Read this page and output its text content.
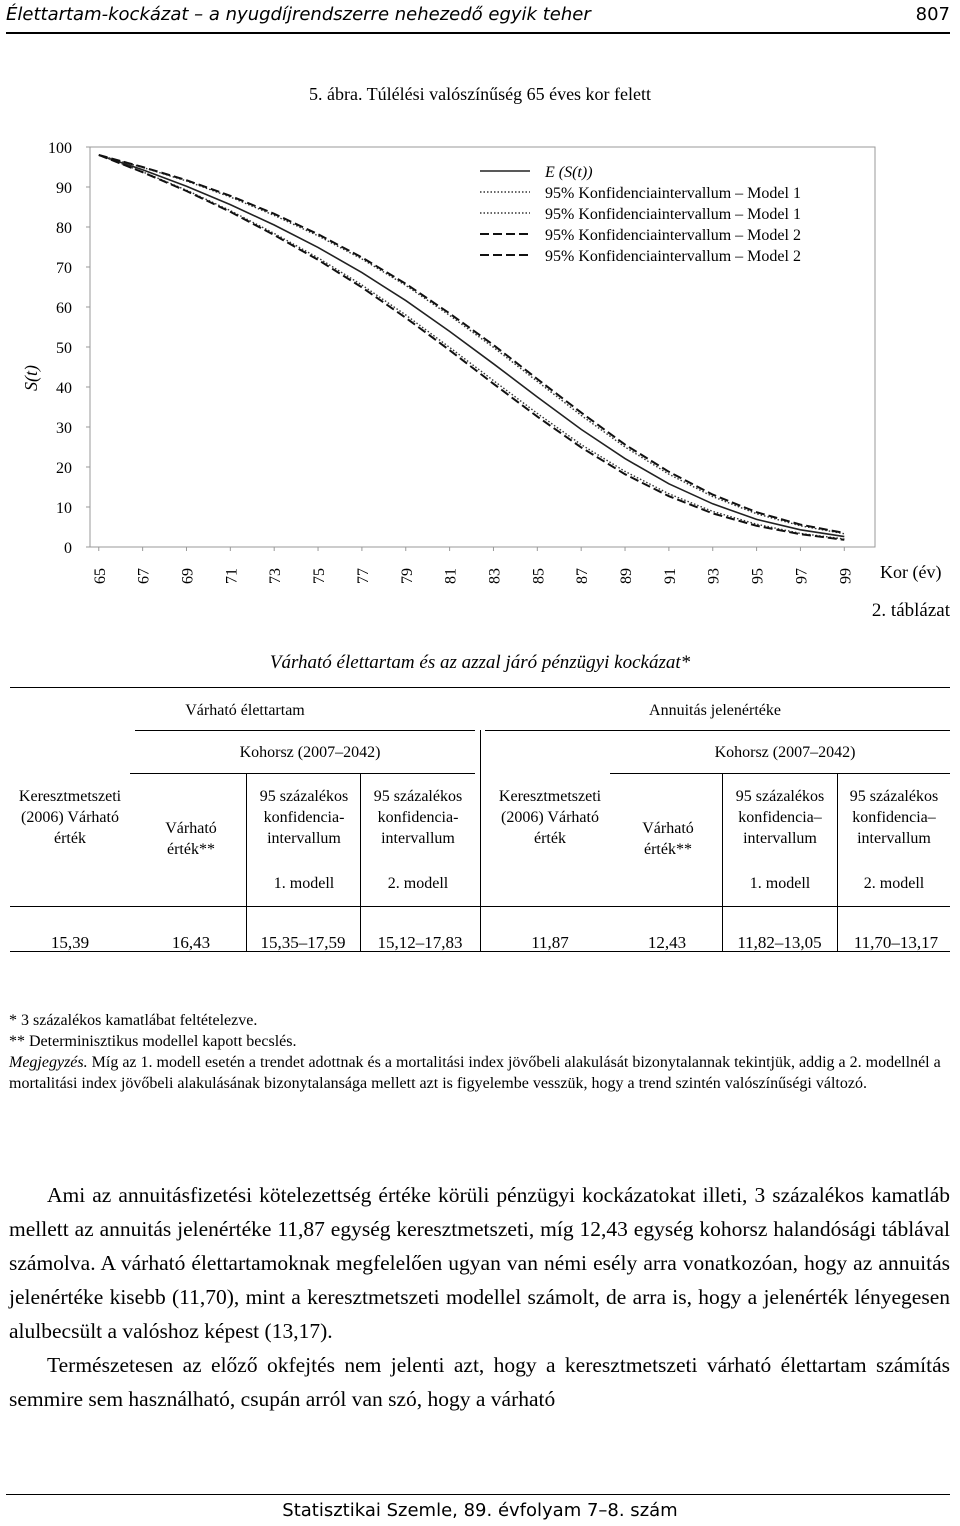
Élettartam-kockázat – a nyugdíjrendszerre nehezedő egyik teher	807
5. ábra. Túlélési valószínűség 65 éves kor felett
0
10
20
30
40
50
60
70
80
90
100
65 67 69 71 73 75 77 79 81 83 85 87 89 91 93 95 97 99
E (S(t))
95% Konfidenciaintervallum – Model 1
95% Konfidenciaintervallum – Model 1
95% Konfidenciaintervallum – Model 2
95% Konfidenciaintervallum – Model 2
S(t)
Kor (év)
2. táblázat
Várható élettartam és az azzal járó pénzügyi kockázat*
Várható élettartam	Annuitás jelenértéke
Kohorsz (2007–2042)	Kohorsz (2007–2042)
Keresztmetszeti (2006) Várható érték
Várható érték**
95 százalékos konfidencia- intervallum
95 százalékos konfidencia- intervallum
Keresztmetszeti (2006) Várható érték
Várható érték**
95 százalékos konfidencia– intervallum
95 százalékos konfidencia– intervallum
1. modell	2. modell	1. modell	2. modell
15,39	16,43	15,35–17,59	15,12–17,83	11,87	12,43	11,82–13,05	11,70–13,17

* 3 százalékos kamatlábat feltételezve.

** Determinisztikus modellel kapott becslés.

Megjegyzés. Míg az 1. modell esetén a trendet adottnak és a mortalitási index jövőbeli alakulását bizonytalannak tekintjük, addig a 2. modellnél a mortalitási index jövőbeli alakulásának bizonytalansága mellett azt is figyelembe vesszük, hogy a trend szintén valószínűségi változó.

Ami az annuitásfizetési kötelezettség értéke körüli pénzügyi kockázatokat illeti, 3 százalékos kamatláb mellett az annuitás jelenértéke 11,87 egység keresztmetszeti, míg 12,43 egység kohorsz halandósági táblával számolva. A várható élettartamoknak megfelelően ugyan van némi esély arra vonatkozóan, hogy az annuitás jelenértéke kisebb (11,70), mint a keresztmetszeti modellel számolt, de arra is, hogy a jelenérték lényegesen alulbecsült a valóshoz képest (13,17).

Természetesen az előző okfejtés nem jelenti azt, hogy a keresztmetszeti várható élettartam számítás semmire sem használható, csupán arról van szó, hogy a várható

Statisztikai Szemle, 89. évfolyam 7–8. szám
